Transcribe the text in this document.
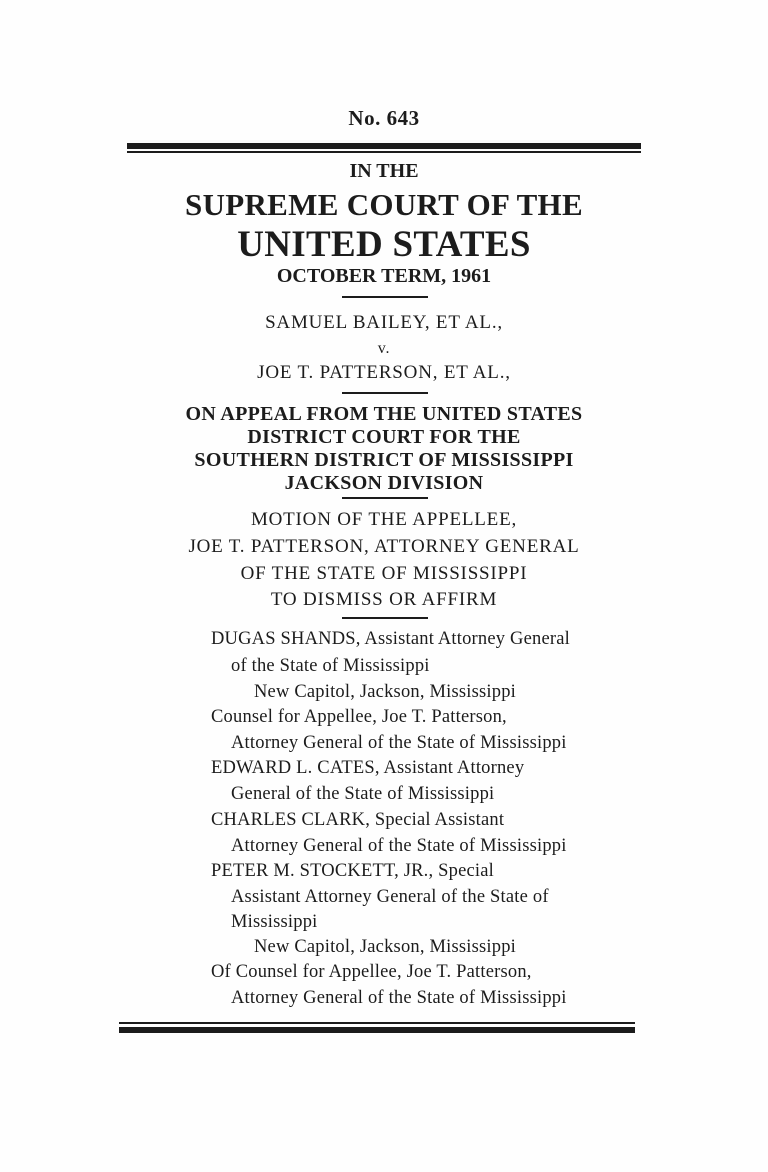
No. 643
IN THE
SUPREME COURT OF THE
UNITED STATES
OCTOBER TERM, 1961
SAMUEL BAILEY, ET AL.,
v.
JOE T. PATTERSON, ET AL.,
ON APPEAL FROM THE UNITED STATES
DISTRICT COURT FOR THE
SOUTHERN DISTRICT OF MISSISSIPPI
JACKSON DIVISION
MOTION OF THE APPELLEE,
JOE T. PATTERSON, ATTORNEY GENERAL
OF THE STATE OF MISSISSIPPI
TO DISMISS OR AFFIRM
DUGAS SHANDS, Assistant Attorney General
of the State of Mississippi
New Capitol, Jackson, Mississippi
Counsel for Appellee, Joe T. Patterson,
Attorney General of the State of Mississippi
EDWARD L. CATES, Assistant Attorney
General of the State of Mississippi
CHARLES CLARK, Special Assistant
Attorney General of the State of Mississippi
PETER M. STOCKETT, JR., Special
Assistant Attorney General of the State of
Mississippi
New Capitol, Jackson, Mississippi
Of Counsel for Appellee, Joe T. Patterson,
Attorney General of the State of Mississippi
